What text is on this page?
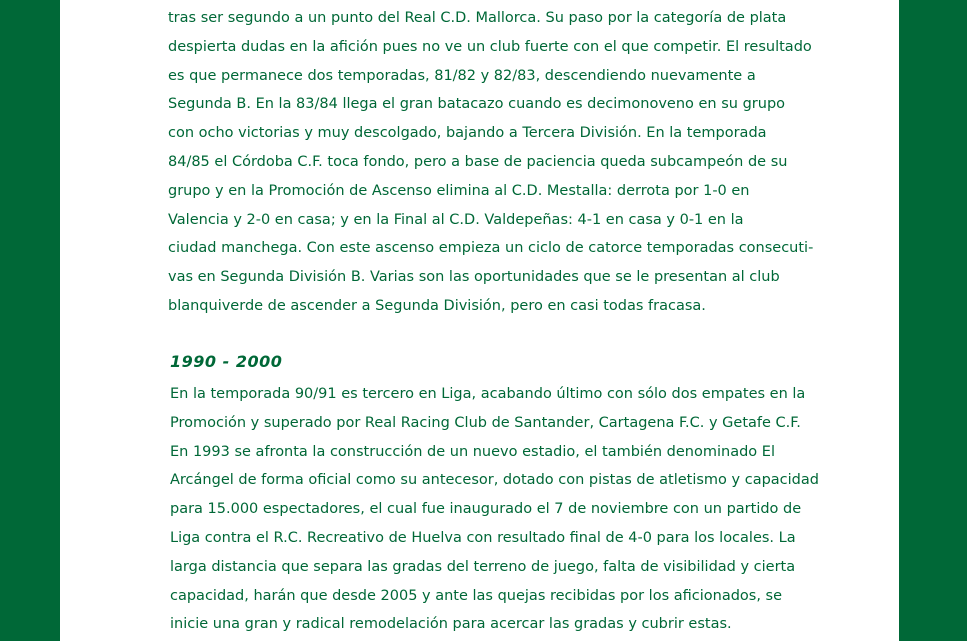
tras ser segundo a un punto del Real C.D. Mallorca. Su paso por la categoría de plata
despierta dudas en la afición pues no ve un club fuerte con el que competir. El resultado
es que permanece dos temporadas, 81/82 y 82/83, descendiendo nuevamente a
Segunda B. En la 83/84 llega el gran batacazo cuando es decimonoveno en su grupo
con ocho victorias y muy descolgado, bajando a Tercera División. En la temporada
84/85 el Córdoba C.F. toca fondo, pero a base de paciencia queda subcampeón de su
grupo y en la Promoción de Ascenso elimina al C.D. Mestalla: derrota por 1-0 en
Valencia y 2-0 en casa; y en la Final al C.D. Valdepeñas: 4-1 en casa y 0-1 en la
ciudad manchega. Con este ascenso empieza un ciclo de catorce temporadas consecuti-
vas en Segunda División B. Varias son las oportunidades que se le presentan al club
blanquiverde de ascender a Segunda División, pero en casi todas fracasa.

1990 - 2000

En la temporada 90/91 es tercero en Liga, acabando último con sólo dos empates en la
Promoción y superado por Real Racing Club de Santander, Cartagena F.C. y Getafe C.F.
En 1993 se afronta la construcción de un nuevo estadio, el también denominado El
Arcángel de forma oficial como su antecesor, dotado con pistas de atletismo y capacidad
para 15.000 espectadores, el cual fue inaugurado el 7 de noviembre con un partido de
Liga contra el R.C. Recreativo de Huelva con resultado final de 4-0 para los locales. La
larga distancia que separa las gradas del terreno de juego, falta de visibilidad y cierta
capacidad, harán que desde 2005 y ante las quejas recibidas por los aficionados, se
inicie una gran y radical remodelación para acercar las gradas y cubrir estas.
